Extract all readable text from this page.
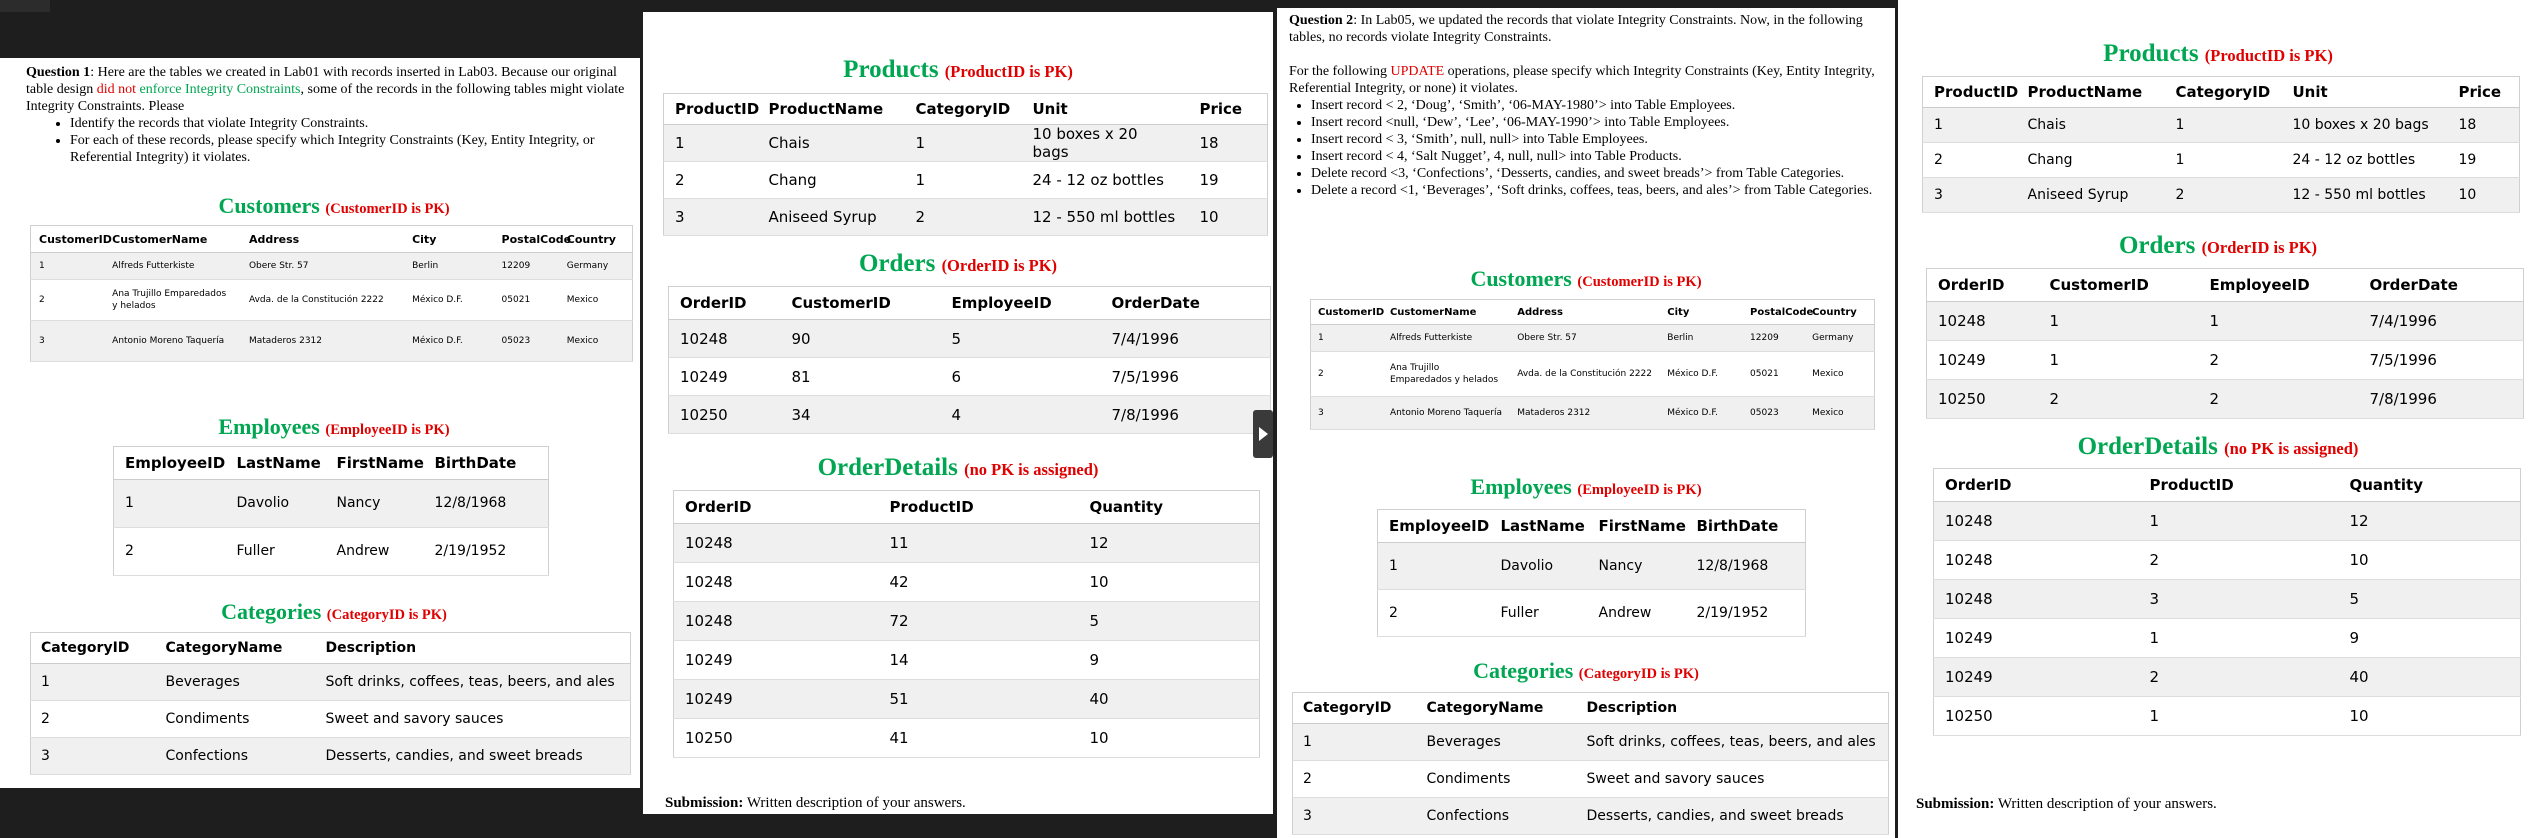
Question 1: Here are the tables we created in Lab01 with records inserted in Lab03. Because our original table design did not enforce Integrity Constraints, some of the records in the following tables might violate Integrity Constraints. Please

• Identify the records that violate Integrity Constraints.
• For each of these records, please specify which Integrity Constraints (Key, Entity Integrity, or Referential Integrity) it violates.
Customers (CustomerID is PK)
CustomerID	CustomerName	Address	City	PostalCode	Country
1	Alfreds Futterkiste	Obere Str. 57	Berlin	12209	Germany
2	Ana Trujillo Emparedados y helados	Avda. de la Constitución 2222	México D.F.	05021	Mexico
3	Antonio Moreno Taquería	Mataderos 2312	México D.F.	05023	Mexico
Employees (EmployeeID is PK)
EmployeeID	LastName	FirstName	BirthDate
1	Davolio	Nancy	12/8/1968
2	Fuller	Andrew	2/19/1952
Categories (CategoryID is PK)
CategoryID	CategoryName	Description
1	Beverages	Soft drinks, coffees, teas, beers, and ales
2	Condiments	Sweet and savory sauces
3	Confections	Desserts, candies, and sweet breads
Products (ProductID is PK)
ProductID	ProductName	CategoryID	Unit	Price
1	Chais	1	10 boxes x 20 bags	18
2	Chang	1	24 - 12 oz bottles	19
3	Aniseed Syrup	2	12 - 550 ml bottles	10
Orders (OrderID is PK)
OrderID	CustomerID	EmployeeID	OrderDate
10248	90	5	7/4/1996
10249	81	6	7/5/1996
10250	34	4	7/8/1996
OrderDetails (no PK is assigned)
OrderID	ProductID	Quantity
10248	11	12
10248	42	10
10248	72	5
10249	14	9
10249	51	40
10250	41	10
Submission: Written description of your answers.

Question 2: In Lab05, we updated the records that violate Integrity Constraints. Now, in the following tables, no records violate Integrity Constraints.

For the following UPDATE operations, please specify which Integrity Constraints (Key, Entity Integrity, Referential Integrity, or none) it violates.

• Insert record < 2, ‘Doug’, ‘Smith’, ‘06-MAY-1980’> into Table Employees.
• Insert record <null, ‘Dew’, ‘Lee’, ‘06-MAY-1990’> into Table Employees.
• Insert record < 3, ‘Smith’, null, null> into Table Employees.
• Insert record < 4, ‘Salt Nugget’, 4, null, null> into Table Products.
• Delete record <3, ‘Confections’, ‘Desserts, candies, and sweet breads’> from Table Categories.
• Delete a record <1, ‘Beverages’, ‘Soft drinks, coffees, teas, beers, and ales’> from Table Categories.
Customers (CustomerID is PK)
CustomerID	CustomerName	Address	City	PostalCode	Country
1	Alfreds Futterkiste	Obere Str. 57	Berlin	12209	Germany
2	Ana Trujillo Emparedados y helados	Avda. de la Constitución 2222	México D.F.	05021	Mexico
3	Antonio Moreno Taquería	Mataderos 2312	México D.F.	05023	Mexico
Employees (EmployeeID is PK)
EmployeeID	LastName	FirstName	BirthDate
1	Davolio	Nancy	12/8/1968
2	Fuller	Andrew	2/19/1952
Categories (CategoryID is PK)
CategoryID	CategoryName	Description
1	Beverages	Soft drinks, coffees, teas, beers, and ales
2	Condiments	Sweet and savory sauces
3	Confections	Desserts, candies, and sweet breads
Products (ProductID is PK)
ProductID	ProductName	CategoryID	Unit	Price
1	Chais	1	10 boxes x 20 bags	18
2	Chang	1	24 - 12 oz bottles	19
3	Aniseed Syrup	2	12 - 550 ml bottles	10
Orders (OrderID is PK)
OrderID	CustomerID	EmployeeID	OrderDate
10248	1	1	7/4/1996
10249	1	2	7/5/1996
10250	2	2	7/8/1996
OrderDetails (no PK is assigned)
OrderID	ProductID	Quantity
10248	1	12
10248	2	10
10248	3	5
10249	1	9
10249	2	40
10250	1	10
Submission: Written description of your answers.
